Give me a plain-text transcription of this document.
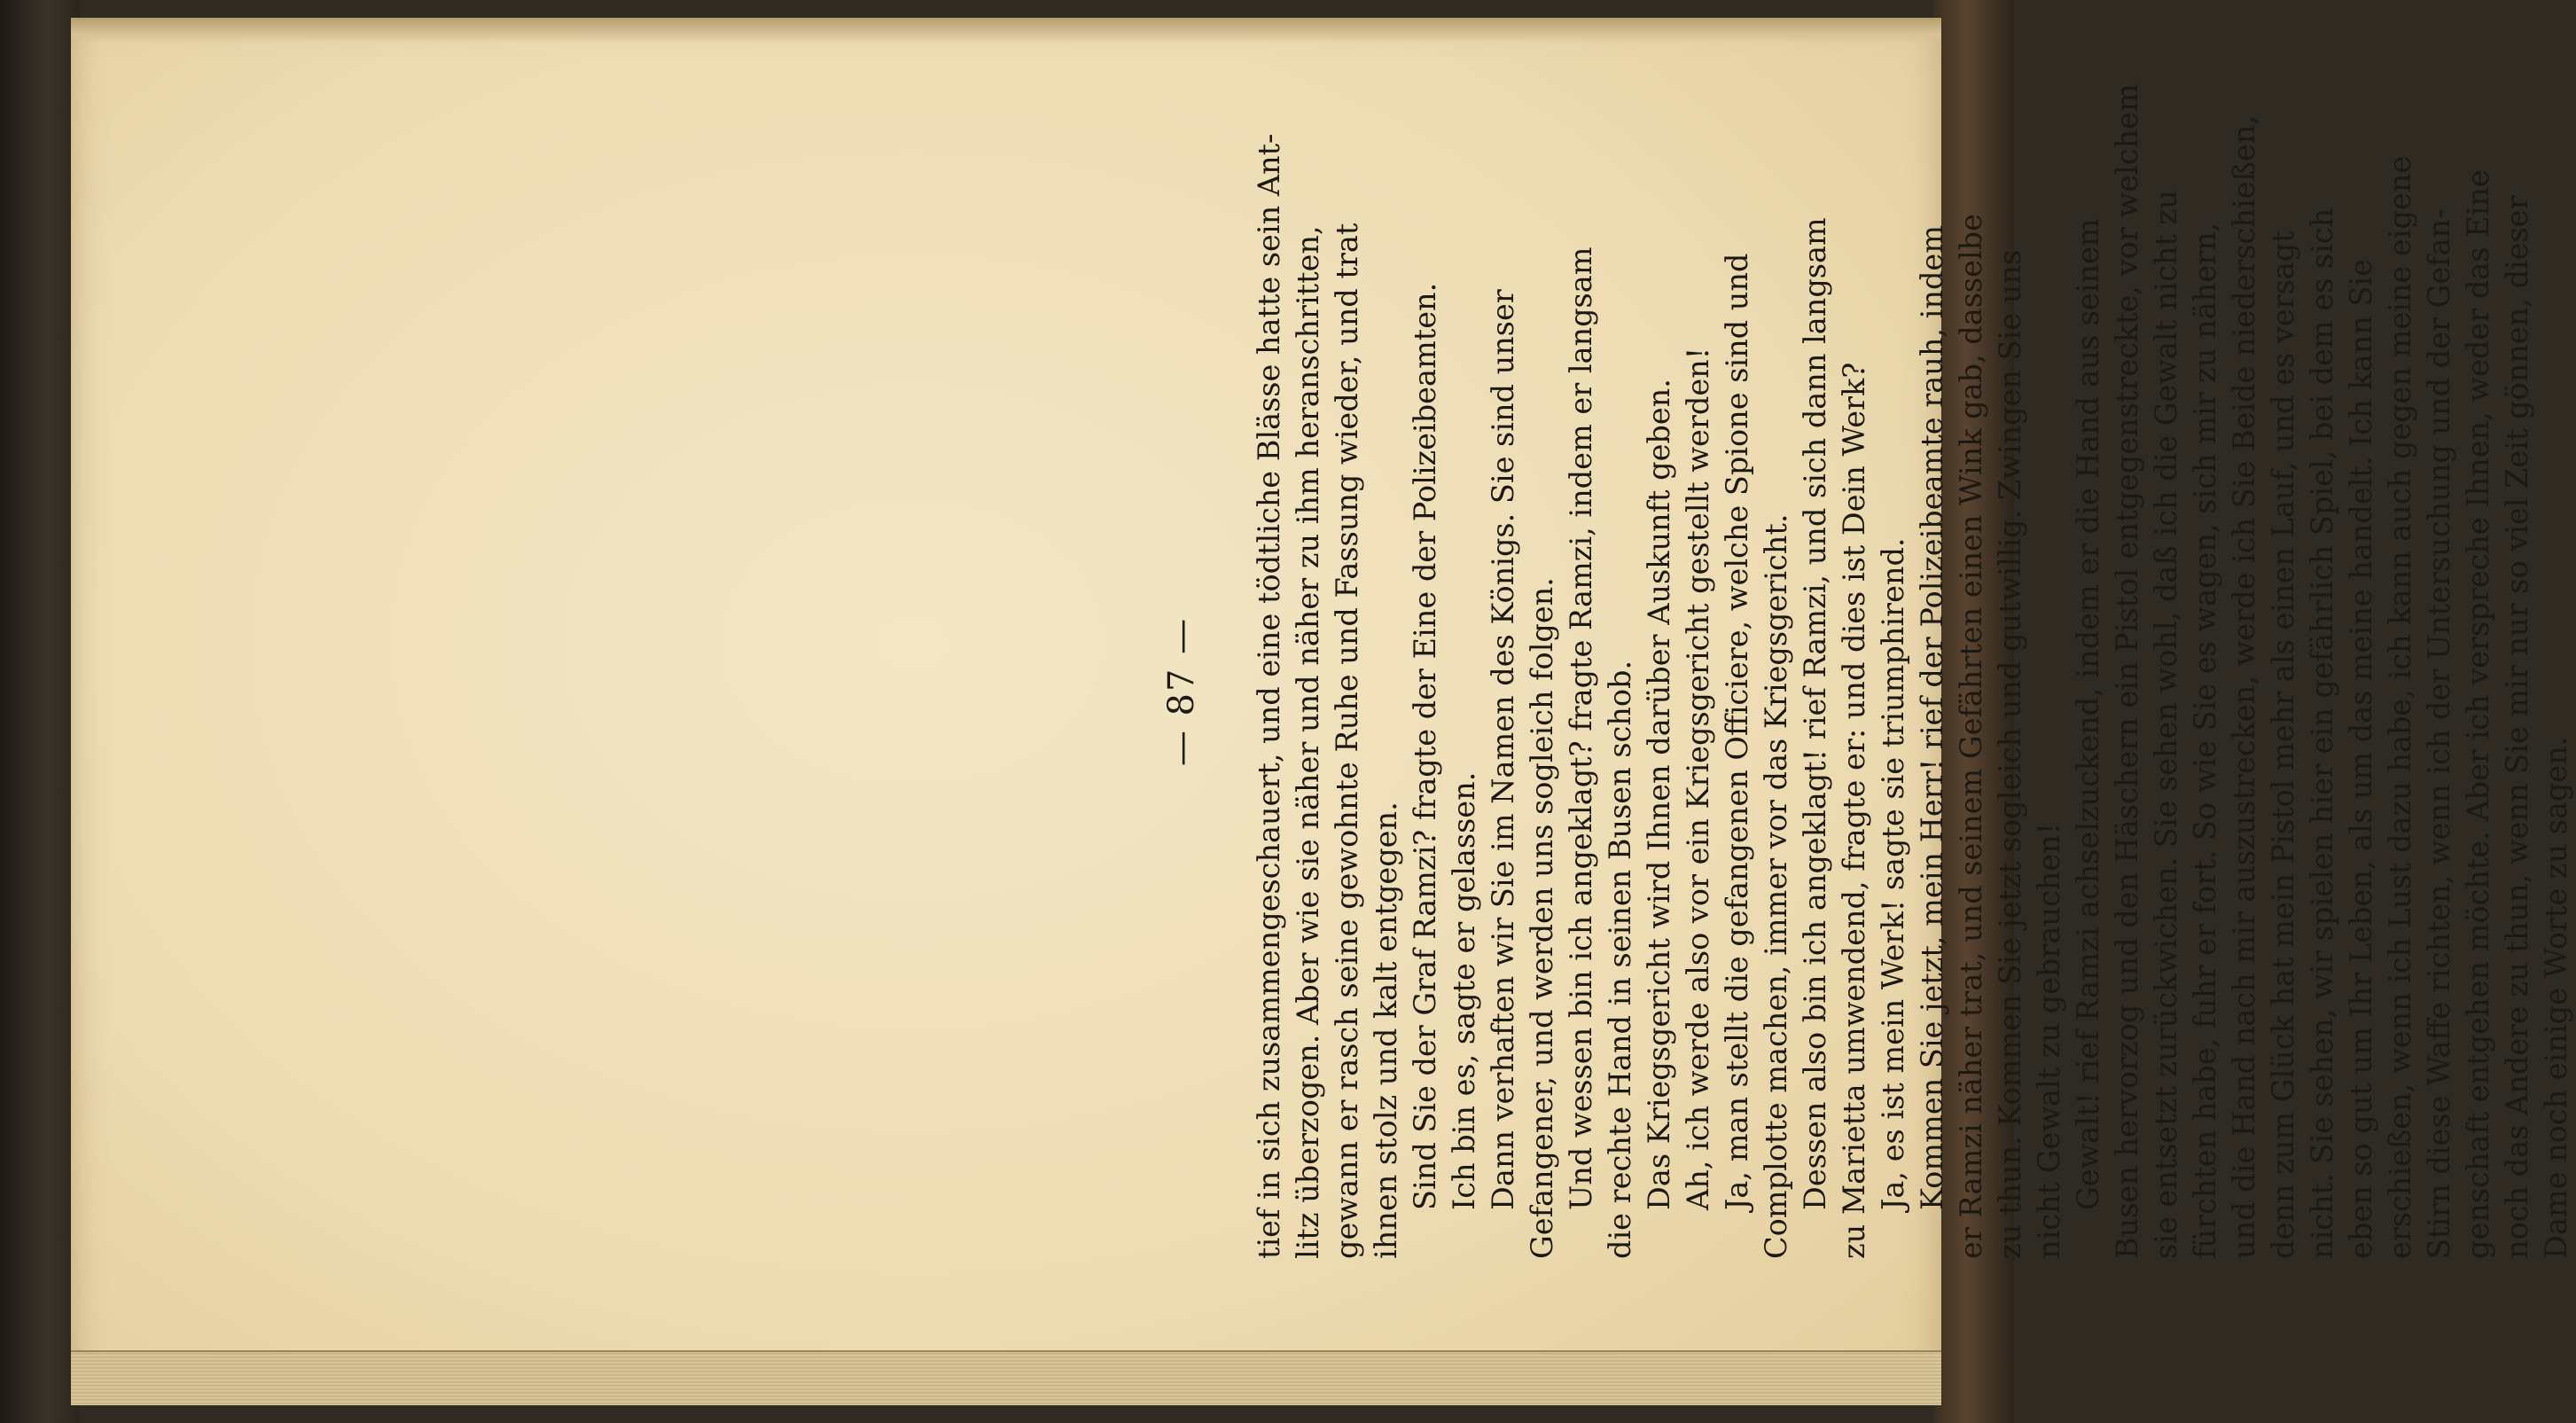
— 87 — tief in sich zusammengeschauert, und eine tödtliche Blässe hatte sein Ant- litz überzogen. Aber wie sie näher und näher zu ihm heranschritten, gewann er rasch seine gewohnte Ruhe und Fassung wieder, und trat ihnen stolz und kalt entgegen. Sind Sie der Graf Ramzi? fragte der Eine der Polizeibeamten. Ich bin es, sagte er gelassen. Dann verhaften wir Sie im Namen des Königs. Sie sind unser Gefangener, und werden uns sogleich folgen. Und wessen bin ich angeklagt? fragte Ramzi, indem er langsam die rechte Hand in seinen Busen schob. Das Kriegsgericht wird Ihnen darüber Auskunft geben. Ah, ich werde also vor ein Kriegsgericht gestellt werden! Ja, man stellt die gefangenen Officiere, welche Spione sind und Complotte machen, immer vor das Kriegsgericht. Dessen also bin ich angeklagt! rief Ramzi, und sich dann langsam zu Marietta umwendend, fragte er: und dies ist Dein Werk? Ja, es ist mein Werk! sagte sie triumphirend. Kommen Sie jetzt, mein Herr! rief der Polizeibeamte rauh, indem er Ramzi näher trat, und seinem Gefährten einen Wink gab, dasselbe zu thun. Kommen Sie jetzt sogleich und gutwillig. Zwingen Sie uns nicht Gewalt zu gebrauchen! Gewalt! rief Ramzi achselzuckend, indem er die Hand aus seinem Busen hervorzog und den Häschern ein Pistol entgegenstreckte, vor welchem sie entsetzt zurückwichen. Sie sehen wohl, daß ich die Gewalt nicht zu fürchten habe, fuhr er fort. So wie Sie es wagen, sich mir zu nähern, und die Hand nach mir auszustrecken, werde ich Sie Beide niederschießen, denn zum Glück hat mein Pistol mehr als einen Lauf, und es versagt nicht. Sie sehen, wir spielen hier ein gefährlich Spiel, bei dem es sich eben so gut um Ihr Leben, als um das meine handelt. Ich kann Sie erschießen, wenn ich Lust dazu habe, ich kann auch gegen meine eigene Stirn diese Waffe richten, wenn ich der Untersuchung und der Gefan- genschaft entgehen möchte. Aber ich verspreche Ihnen, weder das Eine noch das Andere zu thun, wenn Sie mir nur so viel Zeit gönnen, dieser Dame noch einige Worte zu sagen.
